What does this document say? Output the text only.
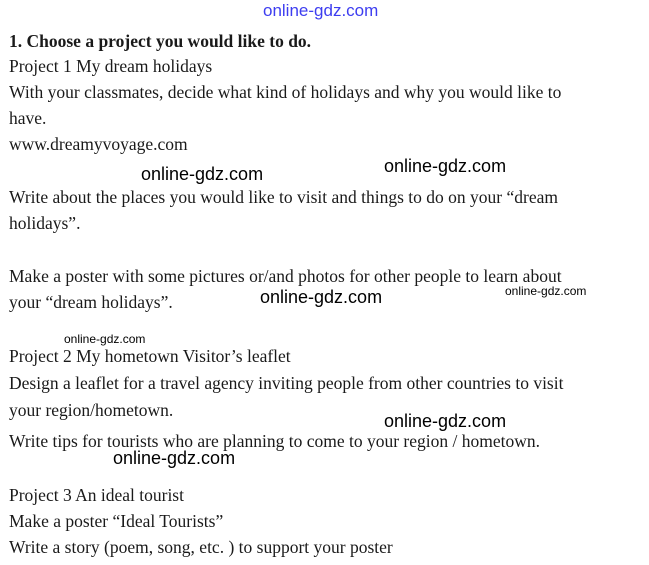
online-gdz.com
online-gdz.com	online-gdz.com
online-gdz.com	online-gdz.com
online-gdz.com
online-gdz.com
online-gdz.com
1. Choose a project you would like to do.
Project 1 My dream holidays
With your classmates, decide what kind of holidays and why you would like to
have.
www.dreamyvoyage.com
Write about the places you would like to visit and things to do on your “dream
holidays”.
Make a poster with some pictures or/and photos for other people to learn about
your “dream holidays”.
Project 2 My hometown Visitor’s leaflet
Design a leaflet for a travel agency inviting people from other countries to visit
your region/hometown.
Write tips for tourists who are planning to come to your region / hometown.
Project 3 An ideal tourist
Make a poster “Ideal Tourists”
Write a story (poem, song, etc. ) to support your poster
